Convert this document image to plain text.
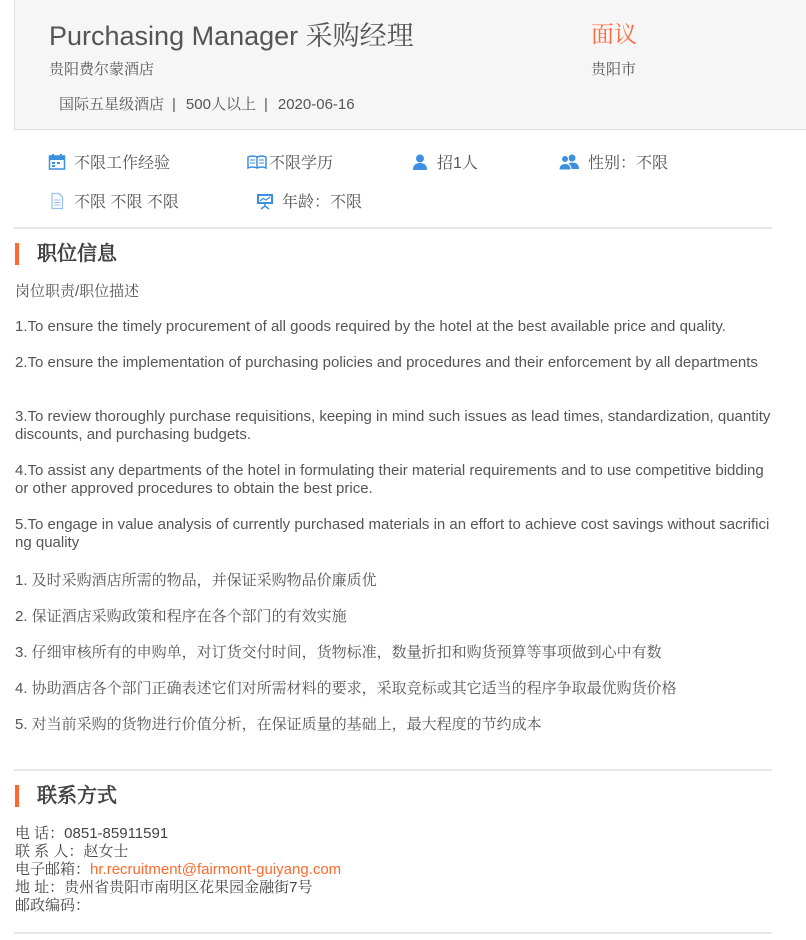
Purchasing Manager 采购经理
贵阳费尔蒙酒店
国际五星级酒店 | 500人以上 | 2020-06-16
面议
贵阳市
不限工作经验	不限学历	招1人	性别：不限
不限 不限 不限	年龄：不限
职位信息
岗位职责/职位描述
1.To ensure the timely procurement of all goods required by the hotel at the best available price and quality.
2.To ensure the implementation of purchasing policies and procedures and their enforcement by all departments
3.To review thoroughly purchase requisitions, keeping in mind such issues as lead times, standardization, quantity discounts, and purchasing budgets.
4.To assist any departments of the hotel in formulating their material requirements and to use competitive bidding or other approved procedures to obtain the best price.
5.To engage in value analysis of currently purchased materials in an effort to achieve cost savings without sacrificing quality
1. 及时采购酒店所需的物品，并保证采购物品价廉质优
2. 保证酒店采购政策和程序在各个部门的有效实施
3. 仔细审核所有的申购单，对订货交付时间，货物标准，数量折扣和购货预算等事项做到心中有数
4. 协助酒店各个部门正确表述它们对所需材料的要求，采取竞标或其它适当的程序争取最优购货价格
5. 对当前采购的货物进行价值分析，在保证质量的基础上，最大程度的节约成本
联系方式
电 话：0851-85911591
联 系 人：赵女士
电子邮箱：hr.recruitment@fairmont-guiyang.com
地 址：贵州省贵阳市南明区花果园金融街7号
邮政编码：
